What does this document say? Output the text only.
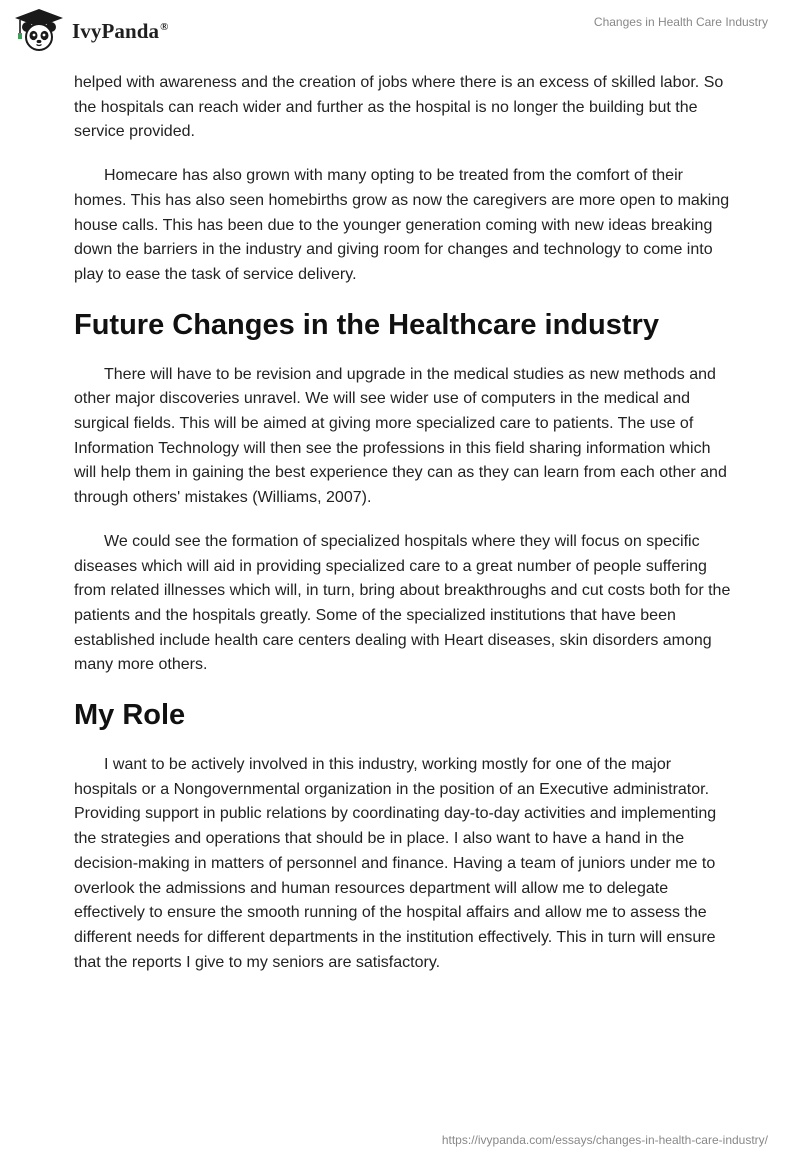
IvyPanda®	Changes in Health Care Industry

helped with awareness and the creation of jobs where there is an excess of skilled labor. So the hospitals can reach wider and further as the hospital is no longer the building but the service provided.

Homecare has also grown with many opting to be treated from the comfort of their homes. This has also seen homebirths grow as now the caregivers are more open to making house calls. This has been due to the younger generation coming with new ideas breaking down the barriers in the industry and giving room for changes and technology to come into play to ease the task of service delivery.

Future Changes in the Healthcare industry

There will have to be revision and upgrade in the medical studies as new methods and other major discoveries unravel. We will see wider use of computers in the medical and surgical fields. This will be aimed at giving more specialized care to patients. The use of Information Technology will then see the professions in this field sharing information which will help them in gaining the best experience they can as they can learn from each other and through others' mistakes (Williams, 2007).

We could see the formation of specialized hospitals where they will focus on specific diseases which will aid in providing specialized care to a great number of people suffering from related illnesses which will, in turn, bring about breakthroughs and cut costs both for the patients and the hospitals greatly. Some of the specialized institutions that have been established include health care centers dealing with Heart diseases, skin disorders among many more others.

My Role

I want to be actively involved in this industry, working mostly for one of the major hospitals or a Nongovernmental organization in the position of an Executive administrator. Providing support in public relations by coordinating day-to-day activities and implementing the strategies and operations that should be in place. I also want to have a hand in the decision-making in matters of personnel and finance. Having a team of juniors under me to overlook the admissions and human resources department will allow me to delegate effectively to ensure the smooth running of the hospital affairs and allow me to assess the different needs for different departments in the institution effectively. This in turn will ensure that the reports I give to my seniors are satisfactory.

https://ivypanda.com/essays/changes-in-health-care-industry/
